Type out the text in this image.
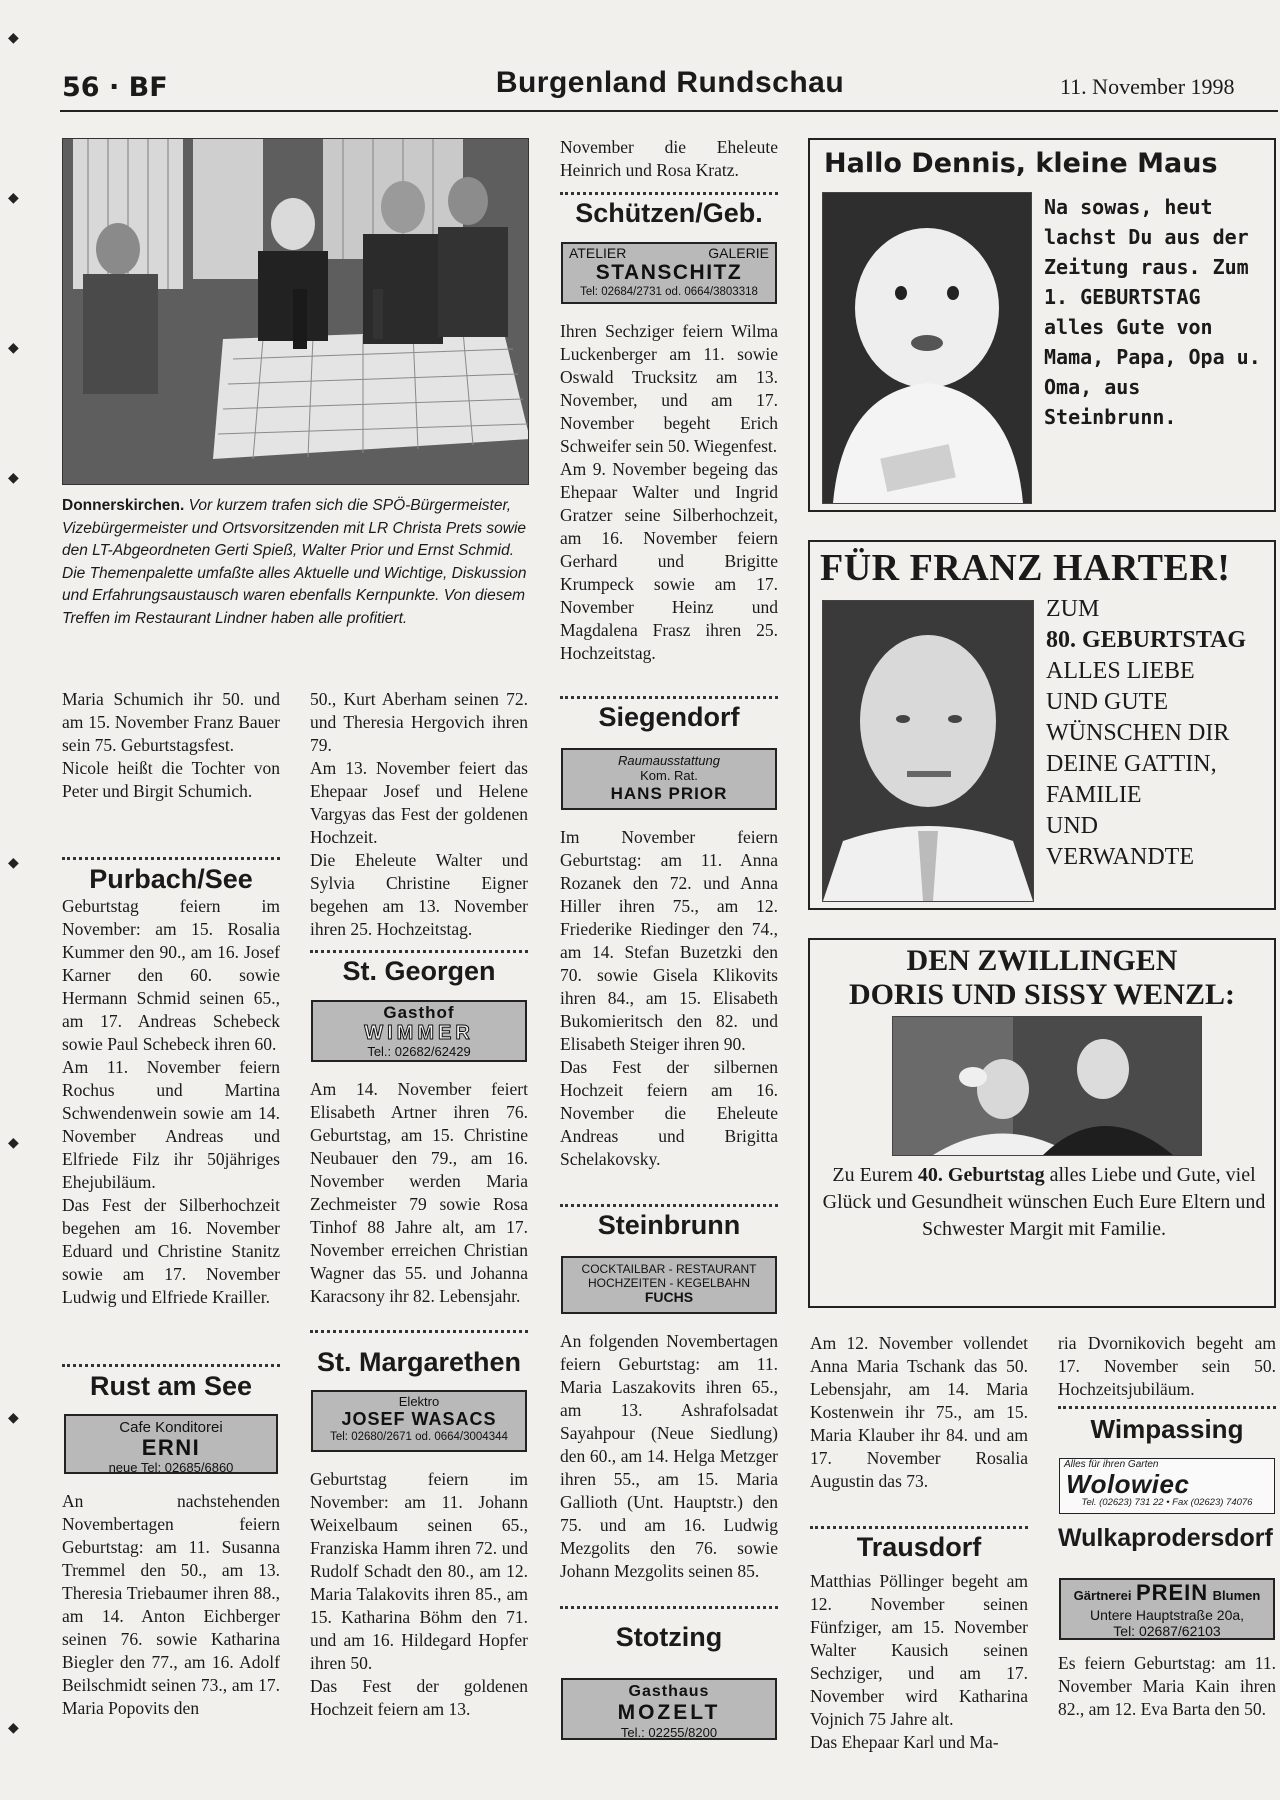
◆
◆
◆
◆
◆
◆
◆
◆
56 · BF	Burgenland Rundschau	11. November 1998
Donnerskirchen. Vor kurzem trafen sich die SPÖ-Bürgermeister, Vizebürgermeister und Ortsvorsitzenden mit LR Christa Prets sowie den LT-Abgeordneten Gerti Spieß, Walter Prior und Ernst Schmid. Die Themenpalette umfaßte alles Aktuelle und Wichtige, Diskussion und Erfahrungsaustausch waren ebenfalls Kernpunkte. Von diesem Treffen im Restaurant Lindner haben alle profitiert.
Maria Schumich ihr 50. und am 15. November Franz Bauer sein 75. Geburtstagsfest.
Nicole heißt die Tochter von Peter und Birgit Schumich.
Purbach/See
Geburtstag feiern im November: am 15. Rosalia Kummer den 90., am 16. Josef Karner den 60. sowie Hermann Schmid seinen 65., am 17. Andreas Schebeck sowie Paul Schebeck ihren 60.
Am 11. November feiern Rochus und Martina Schwendenwein sowie am 14. November Andreas und Elfriede Filz ihr 50jähriges Ehejubiläum.
Das Fest der Silberhochzeit begehen am 16. November Eduard und Christine Stanitz sowie am 17. November Ludwig und Elfriede Krailler.
Rust am See
Cafe Konditorei
ERNI
neue Tel: 02685/6860
An nachstehenden Novembertagen feiern Geburtstag: am 11. Susanna Tremmel den 50., am 13. Theresia Triebaumer ihren 88., am 14. Anton Eichberger seinen 76. sowie Katharina Biegler den 77., am 16. Adolf Beilschmidt seinen 73., am 17. Maria Popovits den
50., Kurt Aberham seinen 72. und Theresia Hergovich ihren 79.
Am 13. November feiert das Ehepaar Josef und Helene Vargyas das Fest der goldenen Hochzeit.
Die Eheleute Walter und Sylvia Christine Eigner begehen am 13. November ihren 25. Hochzeitstag.
St. Georgen
Gasthof
WIMMER
Tel.: 02682/62429
Am 14. November feiert Elisabeth Artner ihren 76. Geburtstag, am 15. Christine Neubauer den 79., am 16. November werden Maria Zechmeister 79 sowie Rosa Tinhof 88 Jahre alt, am 17. November erreichen Christian Wagner das 55. und Johanna Karacsony ihr 82. Lebensjahr.
St. Margarethen
Elektro
JOSEF WASACS
Tel: 02680/2671 od. 0664/3004344
Geburtstag feiern im November: am 11. Johann Weixelbaum seinen 65., Franziska Hamm ihren 72. und Rudolf Schadt den 80., am 12. Maria Talakovits ihren 85., am 15. Katharina Böhm den 71. und am 16. Hildegard Hopfer ihren 50.
Das Fest der goldenen Hochzeit feiern am 13.
November die Eheleute Heinrich und Rosa Kratz.
Schützen/Geb.
ATELIER	GALERIE
STANSCHITZ
Tel: 02684/2731 od. 0664/3803318
Ihren Sechziger feiern Wilma Luckenberger am 11. sowie Oswald Trucksitz am 13. November, und am 17. November begeht Erich Schweifer sein 50. Wiegenfest.
Am 9. November begeing das Ehepaar Walter und Ingrid Gratzer seine Silberhochzeit, am 16. November feiern Gerhard und Brigitte Krumpeck sowie am 17. November Heinz und Magdalena Frasz ihren 25. Hochzeitstag.
Siegendorf
Raumausstattung
Kom. Rat.
HANS PRIOR
Im November feiern Geburtstag: am 11. Anna Rozanek den 72. und Anna Hiller ihren 75., am 12. Friederike Riedinger den 74., am 14. Stefan Buzetzki den 70. sowie Gisela Klikovits ihren 84., am 15. Elisabeth Bukomieritsch den 82. und Elisabeth Steiger ihren 90.
Das Fest der silbernen Hochzeit feiern am 16. November die Eheleute Andreas und Brigitta Schelakovsky.
Steinbrunn
COCKTAILBAR - RESTAURANT
HOCHZEITEN - KEGELBAHN
FUCHS
An folgenden Novembertagen feiern Geburtstag: am 11. Maria Laszakovits ihren 65., am 13. Ashrafolsadat Sayahpour (Neue Siedlung) den 60., am 14. Helga Metzger ihren 55., am 15. Maria Gallioth (Unt. Hauptstr.) den 75. und am 16. Ludwig Mezgolits den 76. sowie Johann Mezgolits seinen 85.
Stotzing
Gasthaus
MOZELT
Tel.: 02255/8200
Hallo Dennis, kleine Maus
Na sowas, heut lachst Du aus der Zeitung raus. Zum 1. GEBURTSTAG alles Gute von Mama, Papa, Opa u. Oma, aus Steinbrunn.
FÜR FRANZ HARTER!
ZUM
80. GEBURTSTAG
ALLES LIEBE
UND GUTE
WÜNSCHEN DIR
DEINE GATTIN,
FAMILIE
UND
VERWANDTE
DEN ZWILLINGEN
DORIS UND SISSY WENZL:
Zu Eurem 40. Geburtstag alles Liebe und Gute, viel Glück und Gesundheit wünschen Euch Eure Eltern und Schwester Margit mit Familie.
Am 12. November vollendet Anna Maria Tschank das 50. Lebensjahr, am 14. Maria Kostenwein ihr 75., am 15. Maria Klauber ihr 84. und am 17. November Rosalia Augustin das 73.
Trausdorf
Matthias Pöllinger begeht am 12. November seinen Fünfziger, am 15. November Walter Kausich seinen Sechziger, und am 17. November wird Katharina Vojnich 75 Jahre alt.
Das Ehepaar Karl und Ma-
ria Dvornikovich begeht am 17. November sein 50. Hochzeitsjubiläum.
Wimpassing
Alles für ihren Garten
Wolowiec
Tel. (02623) 731 22 • Fax (02623) 74076
Wulkaprodersdorf
Gärtnerei PREIN Blumen
Untere Hauptstraße 20a,
Tel: 02687/62103
Es feiern Geburtstag: am 11. November Maria Kain ihren 82., am 12. Eva Barta den 50.
